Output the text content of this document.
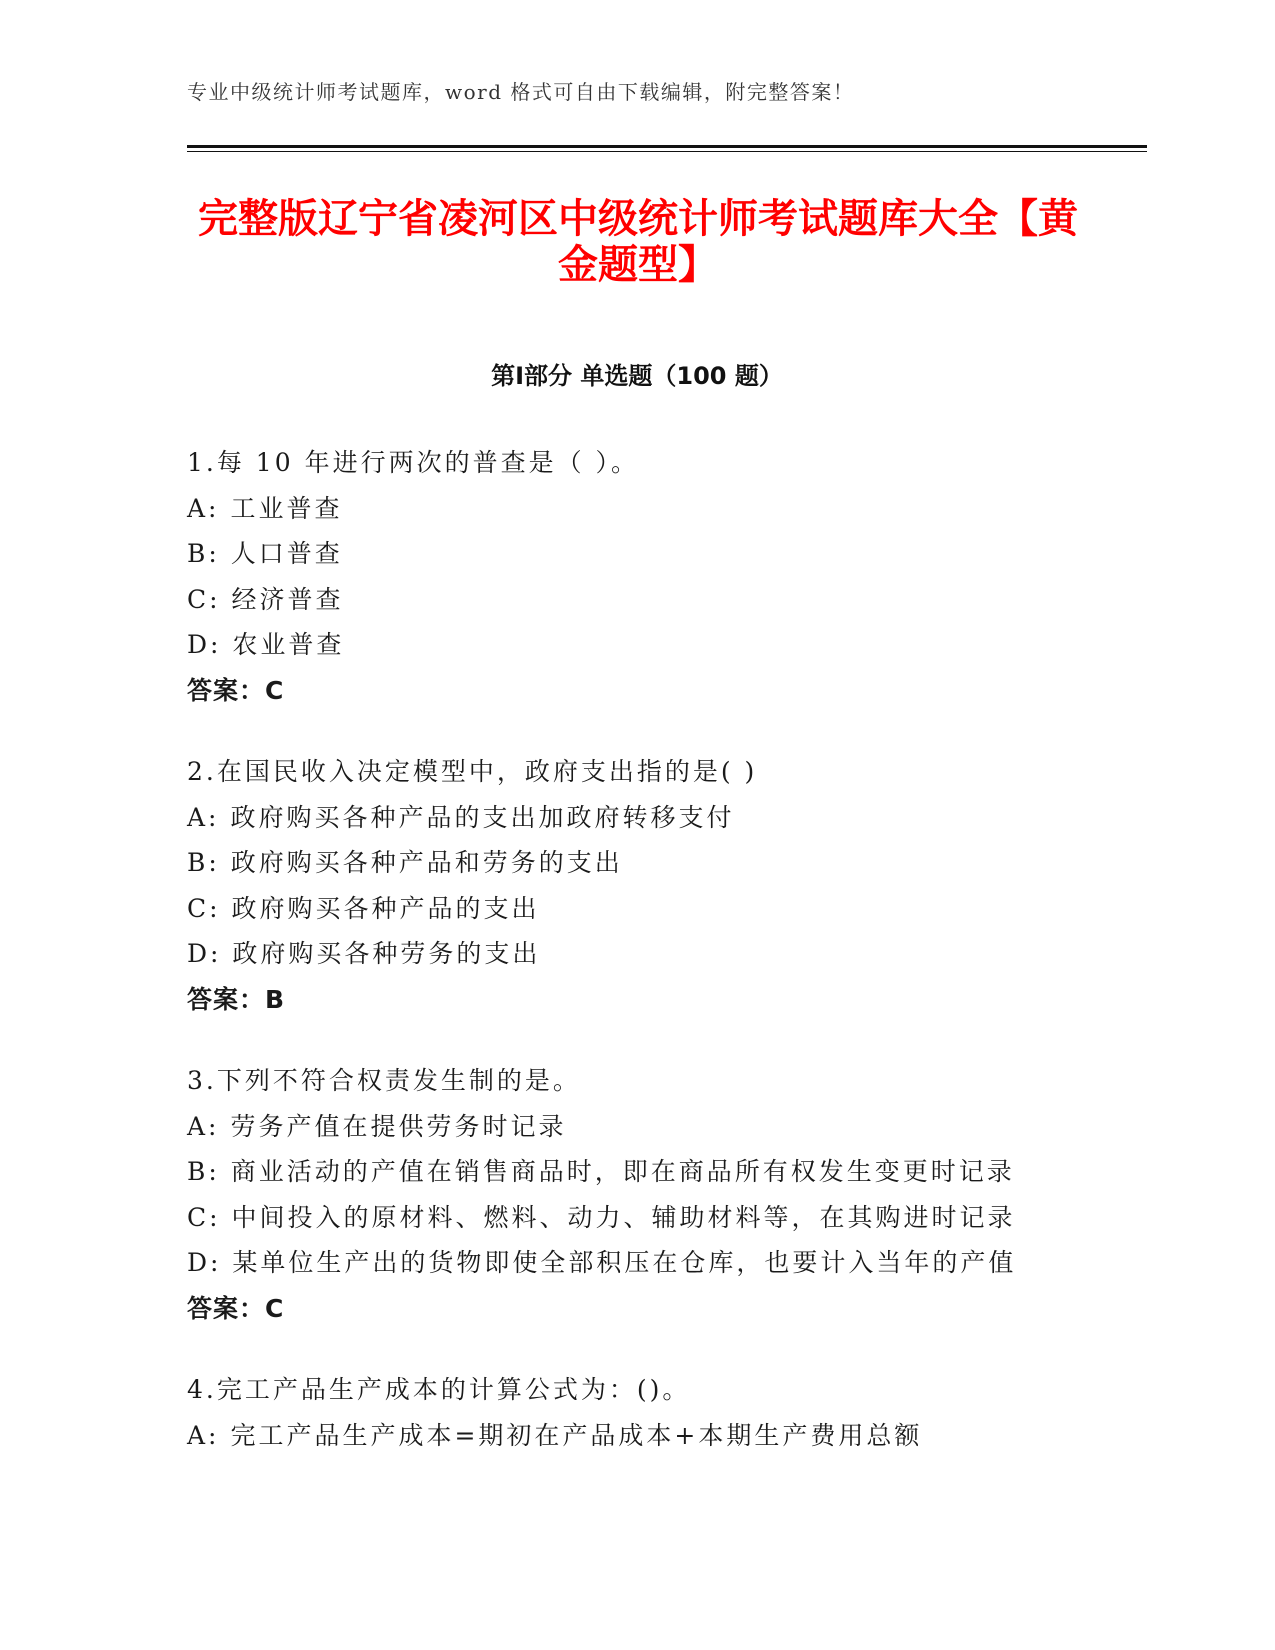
专业中级统计师考试题库，word 格式可自由下载编辑，附完整答案！
完整版辽宁省凌河区中级统计师考试题库大全【黄金题型】
第Ⅰ部分 单选题（100 题）
1.每 10 年进行两次的普查是（ ）。
A: 工业普查
B: 人口普查
C: 经济普查
D: 农业普查
答案：C
2.在国民收入决定模型中，政府支出指的是( )
A: 政府购买各种产品的支出加政府转移支付
B: 政府购买各种产品和劳务的支出
C: 政府购买各种产品的支出
D: 政府购买各种劳务的支出
答案：B
3.下列不符合权责发生制的是。
A: 劳务产值在提供劳务时记录
B: 商业活动的产值在销售商品时，即在商品所有权发生变更时记录
C: 中间投入的原材料、燃料、动力、辅助材料等，在其购进时记录
D: 某单位生产出的货物即使全部积压在仓库，也要计入当年的产值
答案：C
4.完工产品生产成本的计算公式为：()。
A: 完工产品生产成本=期初在产品成本+本期生产费用总额
